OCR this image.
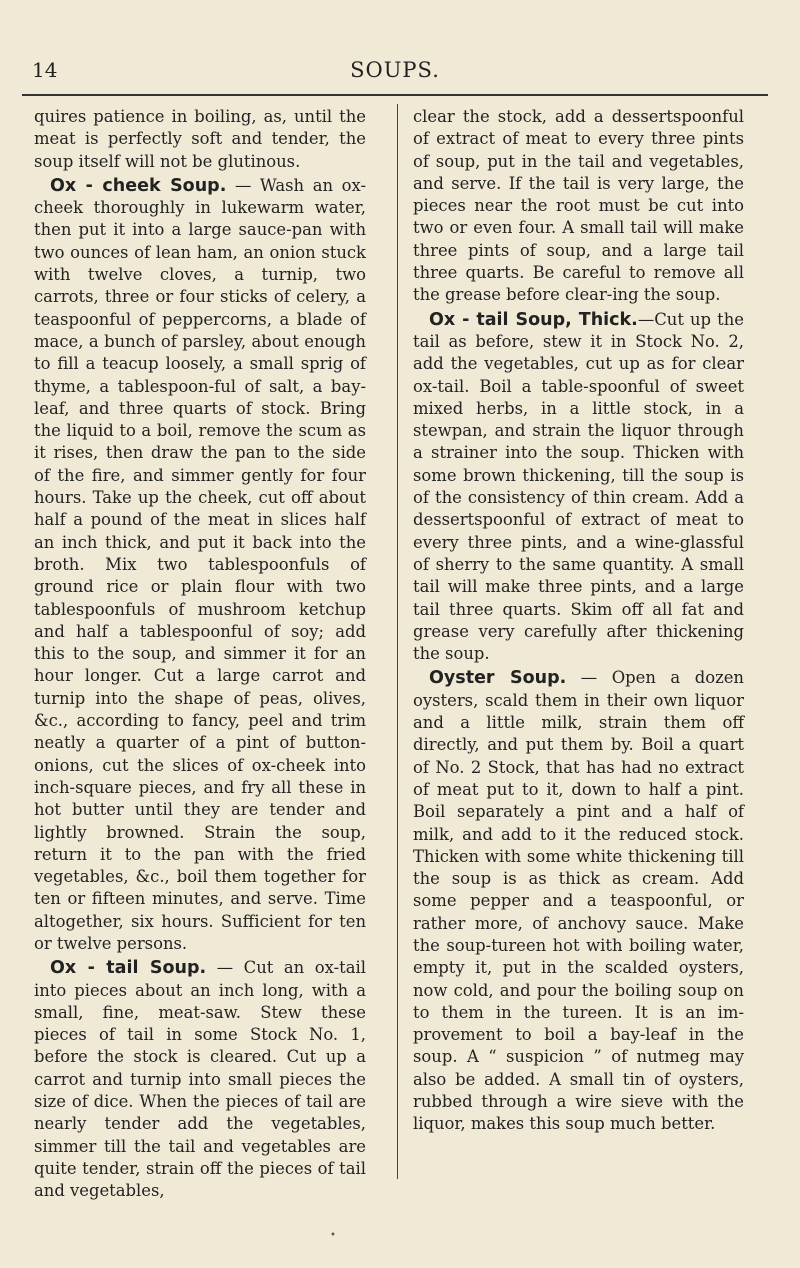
14	SOUPS.

quires patience in boiling, as, until the meat is perfectly soft and tender, the soup itself will not be glutinous.

Ox - cheek Soup. — Wash an ox-cheek thoroughly in lukewarm water, then put it into a large sauce-pan with two ounces of lean ham, an onion stuck with twelve cloves, a turnip, two carrots, three or four sticks of celery, a teaspoonful of peppercorns, a blade of mace, a bunch of parsley, about enough to fill a teacup loosely, a small sprig of thyme, a tablespoon-ful of salt, a bay-leaf, and three quarts of stock. Bring the liquid to a boil, remove the scum as it rises, then draw the pan to the side of the fire, and simmer gently for four hours. Take up the cheek, cut off about half a pound of the meat in slices half an inch thick, and put it back into the broth. Mix two tablespoonfuls of ground rice or plain flour with two tablespoonfuls of mushroom ketchup and half a tablespoonful of soy; add this to the soup, and simmer it for an hour longer. Cut a large carrot and turnip into the shape of peas, olives, &c., according to fancy, peel and trim neatly a quarter of a pint of button-onions, cut the slices of ox-cheek into inch-square pieces, and fry all these in hot butter until they are tender and lightly browned. Strain the soup, return it to the pan with the fried vegetables, &c., boil them together for ten or fifteen minutes, and serve. Time altogether, six hours. Sufficient for ten or twelve persons.

Ox - tail Soup. — Cut an ox-tail into pieces about an inch long, with a small, fine, meat-saw. Stew these pieces of tail in some Stock No. 1, before the stock is cleared. Cut up a carrot and turnip into small pieces the size of dice. When the pieces of tail are nearly tender add the vegetables, simmer till the tail and vegetables are quite tender, strain off the pieces of tail and vegetables,

clear the stock, add a dessertspoonful of extract of meat to every three pints of soup, put in the tail and vegetables, and serve. If the tail is very large, the pieces near the root must be cut into two or even four. A small tail will make three pints of soup, and a large tail three quarts. Be careful to remove all the grease before clear-ing the soup.

Ox - tail Soup, Thick.—Cut up the tail as before, stew it in Stock No. 2, add the vegetables, cut up as for clear ox-tail. Boil a table-spoonful of sweet mixed herbs, in a little stock, in a stewpan, and strain the liquor through a strainer into the soup. Thicken with some brown thickening, till the soup is of the consistency of thin cream. Add a dessertspoonful of extract of meat to every three pints, and a wine-glassful of sherry to the same quantity. A small tail will make three pints, and a large tail three quarts. Skim off all fat and grease very carefully after thickening the soup.

Oyster Soup. — Open a dozen oysters, scald them in their own liquor and a little milk, strain them off directly, and put them by. Boil a quart of No. 2 Stock, that has had no extract of meat put to it, down to half a pint. Boil separately a pint and a half of milk, and add to it the reduced stock. Thicken with some white thickening till the soup is as thick as cream. Add some pepper and a teaspoonful, or rather more, of anchovy sauce. Make the soup-tureen hot with boiling water, empty it, put in the scalded oysters, now cold, and pour the boiling soup on to them in the tureen. It is an im-provement to boil a bay-leaf in the soup. A “ suspicion ” of nutmeg may also be added. A small tin of oysters, rubbed through a wire sieve with the liquor, makes this soup much better.

•
